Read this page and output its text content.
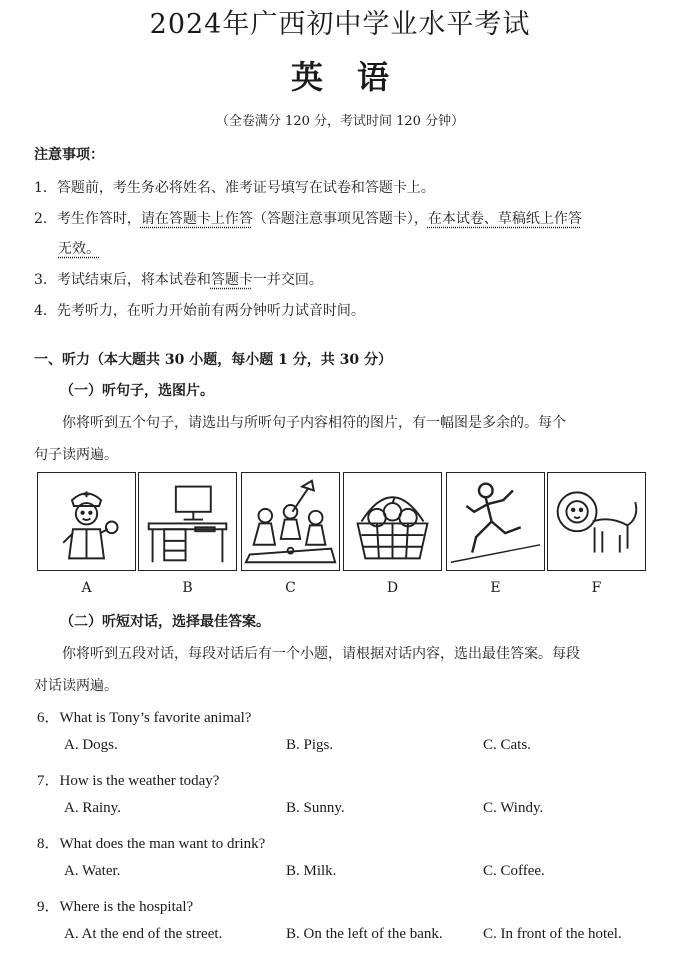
2024年广西初中学业水平考试
英语
（全卷满分 120 分，考试时间 120 分钟）
注意事项：
1．答题前，考生务必将姓名、准考证号填写在试卷和答题卡上。
2．考生作答时，请在答题卡上作答（答题注意事项见答题卡），在本试卷、草稿纸上作答
无效。
3．考试结束后，将本试卷和答题卡一并交回。
4．先考听力，在听力开始前有两分钟听力试音时间。
一、听力（本大题共 30 小题，每小题 1 分，共 30 分）
（一）听句子，选图片。
你将听到五个句子，请选出与所听句子内容相符的图片，有一幅图是多余的。每个
句子读两遍。
A	B	C	D	E	F
（二）听短对话，选择最佳答案。
你将听到五段对话，每段对话后有一个小题，请根据对话内容，选出最佳答案。每段
对话读两遍。
6．What is Tony’s favorite animal?
A. Dogs.	B. Pigs.	C. Cats.
7．How is the weather today?
A. Rainy.	B. Sunny.	C. Windy.
8．What does the man want to drink?
A. Water.	B. Milk.	C. Coffee.
9．Where is the hospital?
A. At the end of the street.	B. On the left of the bank.	C. In front of the hotel.
